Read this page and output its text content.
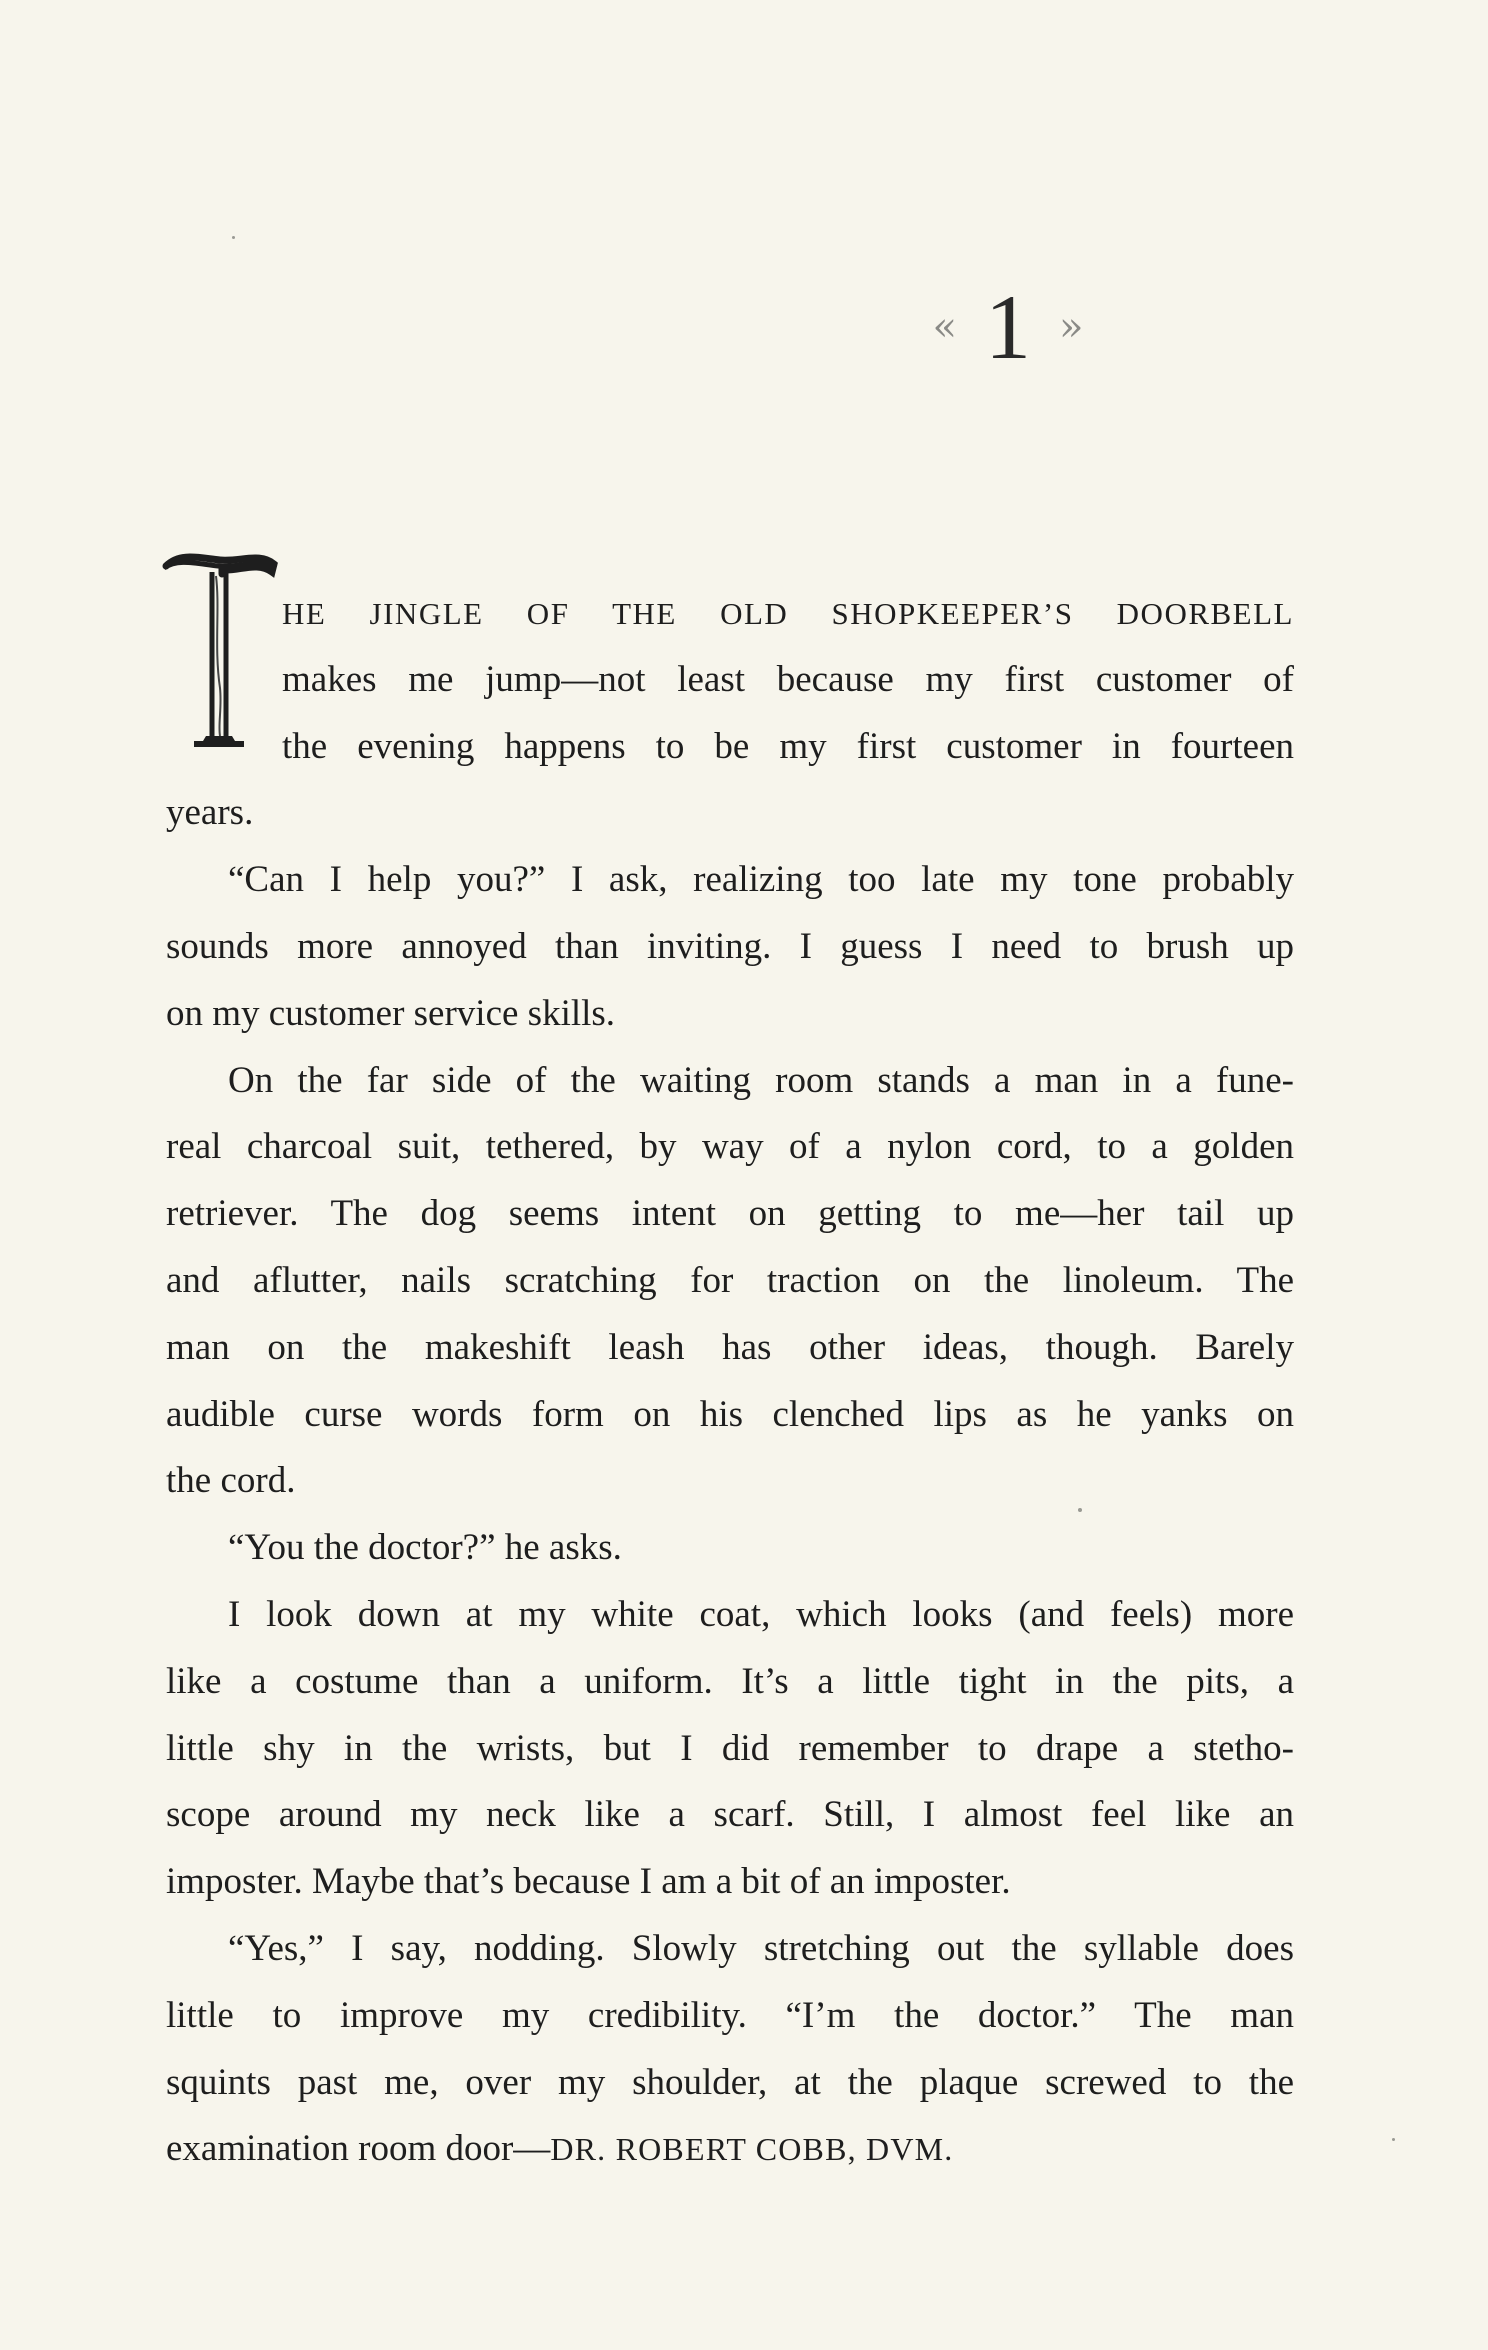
« 1 »
HE JINGLE OF THE OLD SHOPKEEPER’S DOORBELL
makes me jump—not least because my first customer of
the evening happens to be my first customer in fourteen
years.
“Can I help you?” I ask, realizing too late my tone probably
sounds more annoyed than inviting. I guess I need to brush up
on my customer service skills.
On the far side of the waiting room stands a man in a fune-
real charcoal suit, tethered, by way of a nylon cord, to a golden
retriever. The dog seems intent on getting to me—her tail up
and aflutter, nails scratching for traction on the linoleum. The
man on the makeshift leash has other ideas, though. Barely
audible curse words form on his clenched lips as he yanks on
the cord.
“You the doctor?” he asks.
I look down at my white coat, which looks (and feels) more
like a costume than a uniform. It’s a little tight in the pits, a
little shy in the wrists, but I did remember to drape a stetho-
scope around my neck like a scarf. Still, I almost feel like an
imposter. Maybe that’s because I am a bit of an imposter.
“Yes,” I say, nodding. Slowly stretching out the syllable does
little to improve my credibility. “I’m the doctor.” The man
squints past me, over my shoulder, at the plaque screwed to the
examination room door—DR. ROBERT COBB, DVM.
